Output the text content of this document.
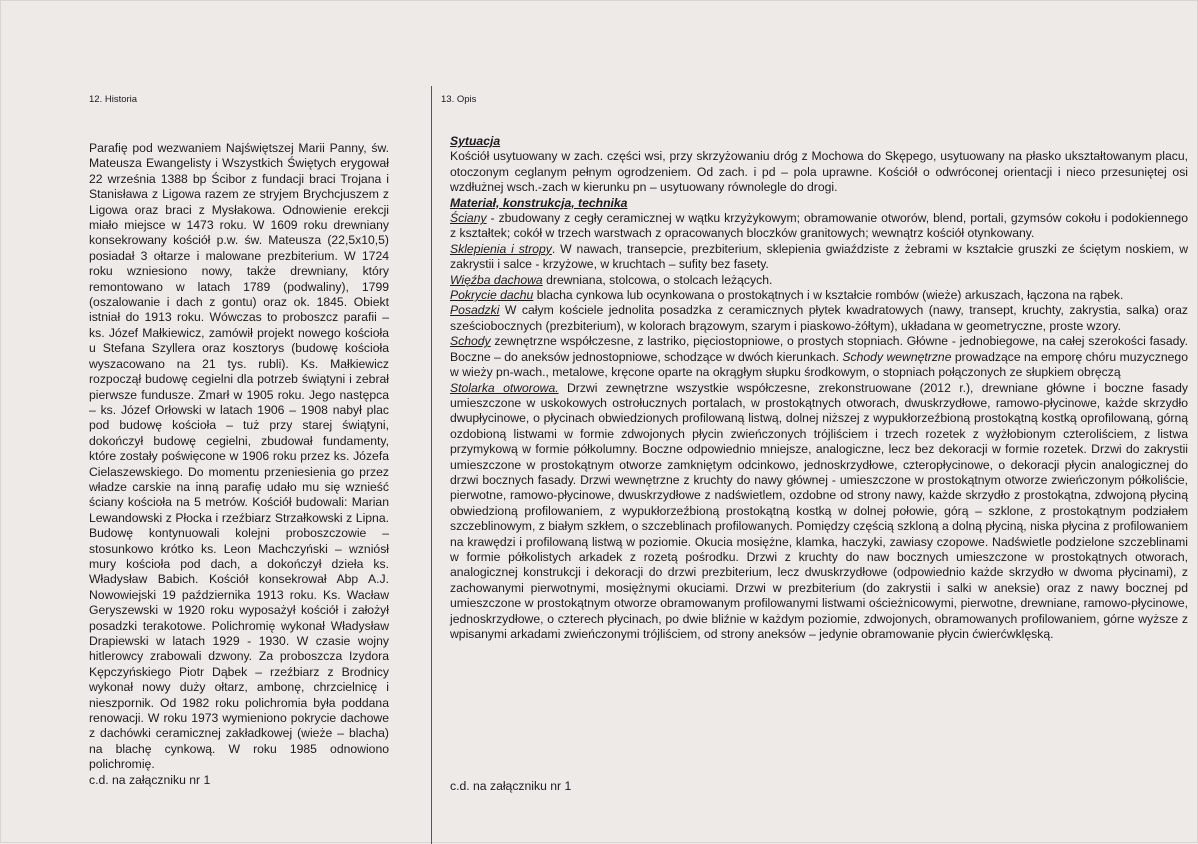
12. Historia	13. Opis

Parafię pod wezwaniem Najświętszej Marii Panny, św. Mateusza Ewangelisty i Wszystkich Świętych erygował 22 września 1388 bp Ścibor z fundacji braci Trojana i Stanisława z Ligowa razem ze stryjem Brychcjuszem z Ligowa oraz braci z Mysłakowa. Odnowienie erekcji miało miejsce w 1473 roku. W 1609 roku drewniany konsekrowany kościół p.w. św. Mateusza (22,5x10,5) posiadał 3 ołtarze i malowane prezbiterium. W 1724 roku wzniesiono nowy, także drewniany, który remontowano w latach 1789 (podwaliny), 1799 (oszalowanie i dach z gontu) oraz ok. 1845. Obiekt istniał do 1913 roku. Wówczas to proboszcz parafii – ks. Józef Małkiewicz, zamówił projekt nowego kościoła u Stefana Szyllera oraz kosztorys (budowę kościoła wyszacowano na 21 tys. rubli). Ks. Małkiewicz rozpoczął budowę cegielni dla potrzeb świątyni i zebrał pierwsze fundusze. Zmarł w 1905 roku. Jego następca – ks. Józef Orłowski w latach 1906 – 1908 nabył plac pod budowę kościoła – tuż przy starej świątyni, dokończył budowę cegielni, zbudował fundamenty, które zostały poświęcone w 1906 roku przez ks. Józefa Cielaszewskiego. Do momentu przeniesienia go przez władze carskie na inną parafię udało mu się wznieść ściany kościoła na 5 metrów. Kościół budowali: Marian Lewandowski z Płocka i rzeźbiarz Strzałkowski z Lipna. Budowę kontynuowali kolejni proboszczowie – stosunkowo krótko ks. Leon Machczyński – wzniósł mury kościoła pod dach, a dokończył dzieła ks. Władysław Babich. Kościół konsekrował Abp A.J. Nowowiejski 19 października 1913 roku. Ks. Wacław Geryszewski w 1920 roku wyposażył kościół i założył posadzki terakotowe. Polichromię wykonał Władysław Drapiewski w latach 1929 - 1930. W czasie wojny hitlerowcy zrabowali dzwony. Za proboszcza Izydora Kępczyńskiego Piotr Dąbek – rzeźbiarz z Brodnicy wykonał nowy duży ołtarz, ambonę, chrzcielnicę i nieszpornik. Od 1982 roku polichromia była poddana renowacji. W roku 1973 wymieniono pokrycie dachowe z dachówki ceramicznej zakładkowej (wieże – blacha) na blachę cynkową. W roku 1985 odnowiono polichromię.

c.d. na załączniku nr 1

Sytuacja

Kościół usytuowany w zach. części wsi, przy skrzyżowaniu dróg z Mochowa do Skępego, usytuowany na płasko ukształtowanym placu, otoczonym ceglanym pełnym ogrodzeniem. Od zach. i pd – pola uprawne. Kościół o odwróconej orientacji i nieco przesuniętej osi wzdłużnej wsch.-zach w kierunku pn – usytuowany równolegle do drogi.

Materiał, konstrukcja, technika

Ściany - zbudowany z cegły ceramicznej w wątku krzyżykowym; obramowanie otworów, blend, portali, gzymsów cokołu i podokiennego z kształtek; cokół w trzech warstwach z opracowanych bloczków granitowych; wewnątrz kościół otynkowany.

Sklepienia i stropy. W nawach, transepcie, prezbiterium, sklepienia gwiaździste z żebrami w kształcie gruszki ze ściętym noskiem, w zakrystii i salce - krzyżowe, w kruchtach – sufity bez fasety.

Więźba dachowa drewniana, stolcowa, o stolcach leżących.

Pokrycie dachu blacha cynkowa lub ocynkowana o prostokątnych i w kształcie rombów (wieże) arkuszach, łączona na rąbek.

Posadzki W całym kościele jednolita posadzka z ceramicznych płytek kwadratowych (nawy, transept, kruchty, zakrystia, salka) oraz sześciobocznych (prezbiterium), w kolorach brązowym, szarym i piaskowo-żółtym), układana w geometryczne, proste wzory.

Schody zewnętrzne współczesne, z lastriko, pięciostopniowe, o prostych stopniach. Główne - jednobiegowe, na całej szerokości fasady. Boczne – do aneksów jednostopniowe, schodzące w dwóch kierunkach. Schody wewnętrzne prowadzące na emporę chóru muzycznego w wieży pn-wach., metalowe, kręcone oparte na okrągłym słupku środkowym, o stopniach połączonych ze słupkiem obręczą

Stolarka otworowa. Drzwi zewnętrzne wszystkie współczesne, zrekonstruowane (2012 r.), drewniane główne i boczne fasady umieszczone w uskokowych ostrołucznych portalach, w prostokątnych otworach, dwuskrzydłowe, ramowo-płycinowe, każde skrzydło dwupłycinowe, o płycinach obwiedzionych profilowaną listwą, dolnej niższej z wypukłorzeźbioną prostokątną kostką oprofilowaną, górną ozdobioną listwami w formie zdwojonych płycin zwieńczonych trójliściem i trzech rozetek z wyżłobionym czteroliściem, z listwa przymykową w formie półkolumny. Boczne odpowiednio mniejsze, analogiczne, lecz bez dekoracji w formie rozetek. Drzwi do zakrystii umieszczone w prostokątnym otworze zamkniętym odcinkowo, jednoskrzydłowe, czteropłycinowe, o dekoracji płycin analogicznej do drzwi bocznych fasady. Drzwi wewnętrzne z kruchty do nawy głównej - umieszczone w prostokątnym otworze zwieńczonym półkoliście, pierwotne, ramowo-płycinowe, dwuskrzydłowe z nadświetlem, ozdobne od strony nawy, każde skrzydło z prostokątna, zdwojoną płyciną obwiedzioną profilowaniem, z wypukłorzeźbioną prostokątną kostką w dolnej połowie, górą – szklone, z prostokątnym podziałem szczeblinowym, z białym szkłem, o szczeblinach profilowanych. Pomiędzy częścią szkloną a dolną płyciną, niska płycina z profilowaniem na krawędzi i profilowaną listwą w poziomie. Okucia mosiężne, klamka, haczyki, zawiasy czopowe. Nadświetle podzielone szczeblinami w formie półkolistych arkadek z rozetą pośrodku. Drzwi z kruchty do naw bocznych umieszczone w prostokątnych otworach, analogicznej konstrukcji i dekoracji do drzwi prezbiterium, lecz dwuskrzydłowe (odpowiednio każde skrzydło w dwoma płycinami), z zachowanymi pierwotnymi, mosiężnymi okuciami. Drzwi w prezbiterium (do zakrystii i salki w aneksie) oraz z nawy bocznej pd umieszczone w prostokątnym otworze obramowanym profilowanymi listwami ościeżnicowymi, pierwotne, drewniane, ramowo-płycinowe, jednoskrzydłowe, o czterech płycinach, po dwie bliźnie w każdym poziomie, zdwojonych, obramowanych profilowaniem, górne wyższe z wpisanymi arkadami zwieńczonymi trójliściem, od strony aneksów – jedynie obramowanie płycin ćwierćwklęską.

c.d. na załączniku nr 1
